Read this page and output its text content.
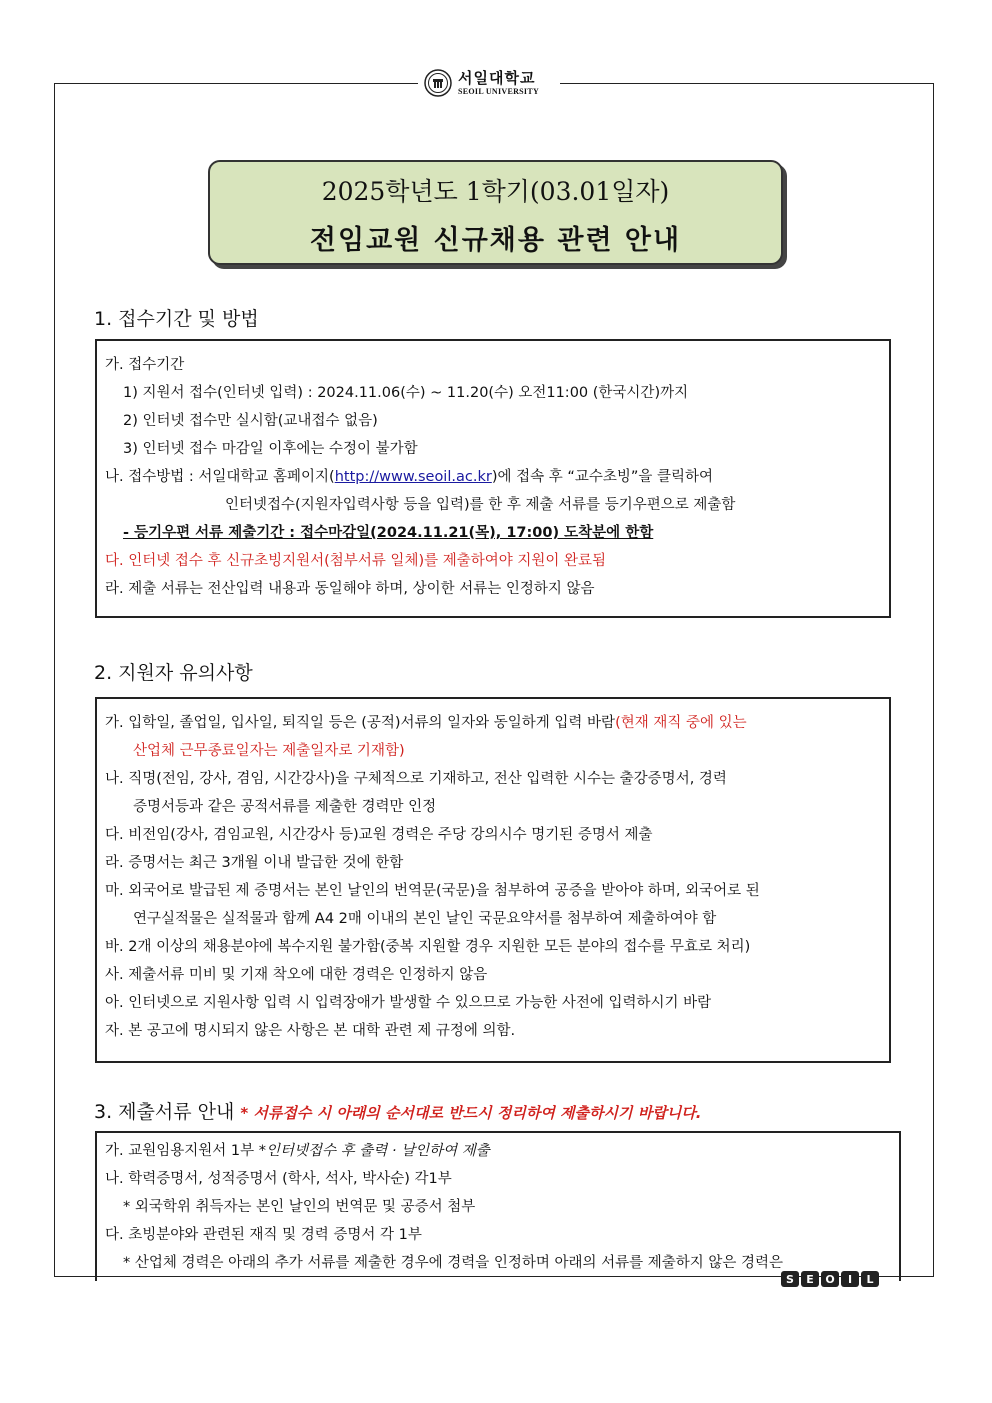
서일대학교
SEOIL UNIVERSITY
2025학년도 1학기(03.01일자)
전임교원 신규채용 관련 안내
1. 접수기간 및 방법
가. 접수기간
1) 지원서 접수(인터넷 입력) : 2024.11.06(수) ~ 11.20(수) 오전11:00 (한국시간)까지
2) 인터넷 접수만 실시함(교내접수 없음)
3) 인터넷 접수 마감일 이후에는 수정이 불가함
나. 접수방법 : 서일대학교 홈페이지(http://www.seoil.ac.kr)에 접속 후 “교수초빙”을 클릭하여
인터넷접수(지원자입력사항 등을 입력)를 한 후 제출 서류를 등기우편으로 제출함
- 등기우편 서류 제출기간 : 접수마감일(2024.11.21(목), 17:00) 도착분에 한함
다. 인터넷 접수 후 신규초빙지원서(첨부서류 일체)를 제출하여야 지원이 완료됨
라. 제출 서류는 전산입력 내용과 동일해야 하며, 상이한 서류는 인정하지 않음
2. 지원자 유의사항
가. 입학일, 졸업일, 입사일, 퇴직일 등은 (공적)서류의 일자와 동일하게 입력 바람(현재 재직 중에 있는
산업체 근무종료일자는 제출일자로 기재함)
나. 직명(전임, 강사, 겸임, 시간강사)을 구체적으로 기재하고, 전산 입력한 시수는 출강증명서, 경력
증명서등과 같은 공적서류를 제출한 경력만 인정
다. 비전임(강사, 겸임교원, 시간강사 등)교원 경력은 주당 강의시수 명기된 증명서 제출
라. 증명서는 최근 3개월 이내 발급한 것에 한함
마. 외국어로 발급된 제 증명서는 본인 날인의 번역문(국문)을 첨부하여 공증을 받아야 하며, 외국어로 된
연구실적물은 실적물과 함께 A4 2매 이내의 본인 날인 국문요약서를 첨부하여 제출하여야 함
바. 2개 이상의 채용분야에 복수지원 불가함(중복 지원할 경우 지원한 모든 분야의 접수를 무효로 처리)
사. 제출서류 미비 및 기재 착오에 대한 경력은 인정하지 않음
아. 인터넷으로 지원사항 입력 시 입력장애가 발생할 수 있으므로 가능한 사전에 입력하시기 바람
자. 본 공고에 명시되지 않은 사항은 본 대학 관련 제 규정에 의함.
3. 제출서류 안내 * 서류접수 시 아래의 순서대로 반드시 정리하여 제출하시기 바랍니다.
가. 교원임용지원서 1부 *인터넷접수 후 출력 · 날인하여 제출
나. 학력증명서, 성적증명서 (학사, 석사, 박사순) 각1부
* 외국학위 취득자는 본인 날인의 번역문 및 공증서 첨부
다. 초빙분야와 관련된 재직 및 경력 증명서 각 1부
* 산업체 경력은 아래의 추가 서류를 제출한 경우에 경력을 인정하며 아래의 서류를 제출하지 않은 경력은
S	E	O	I	L
